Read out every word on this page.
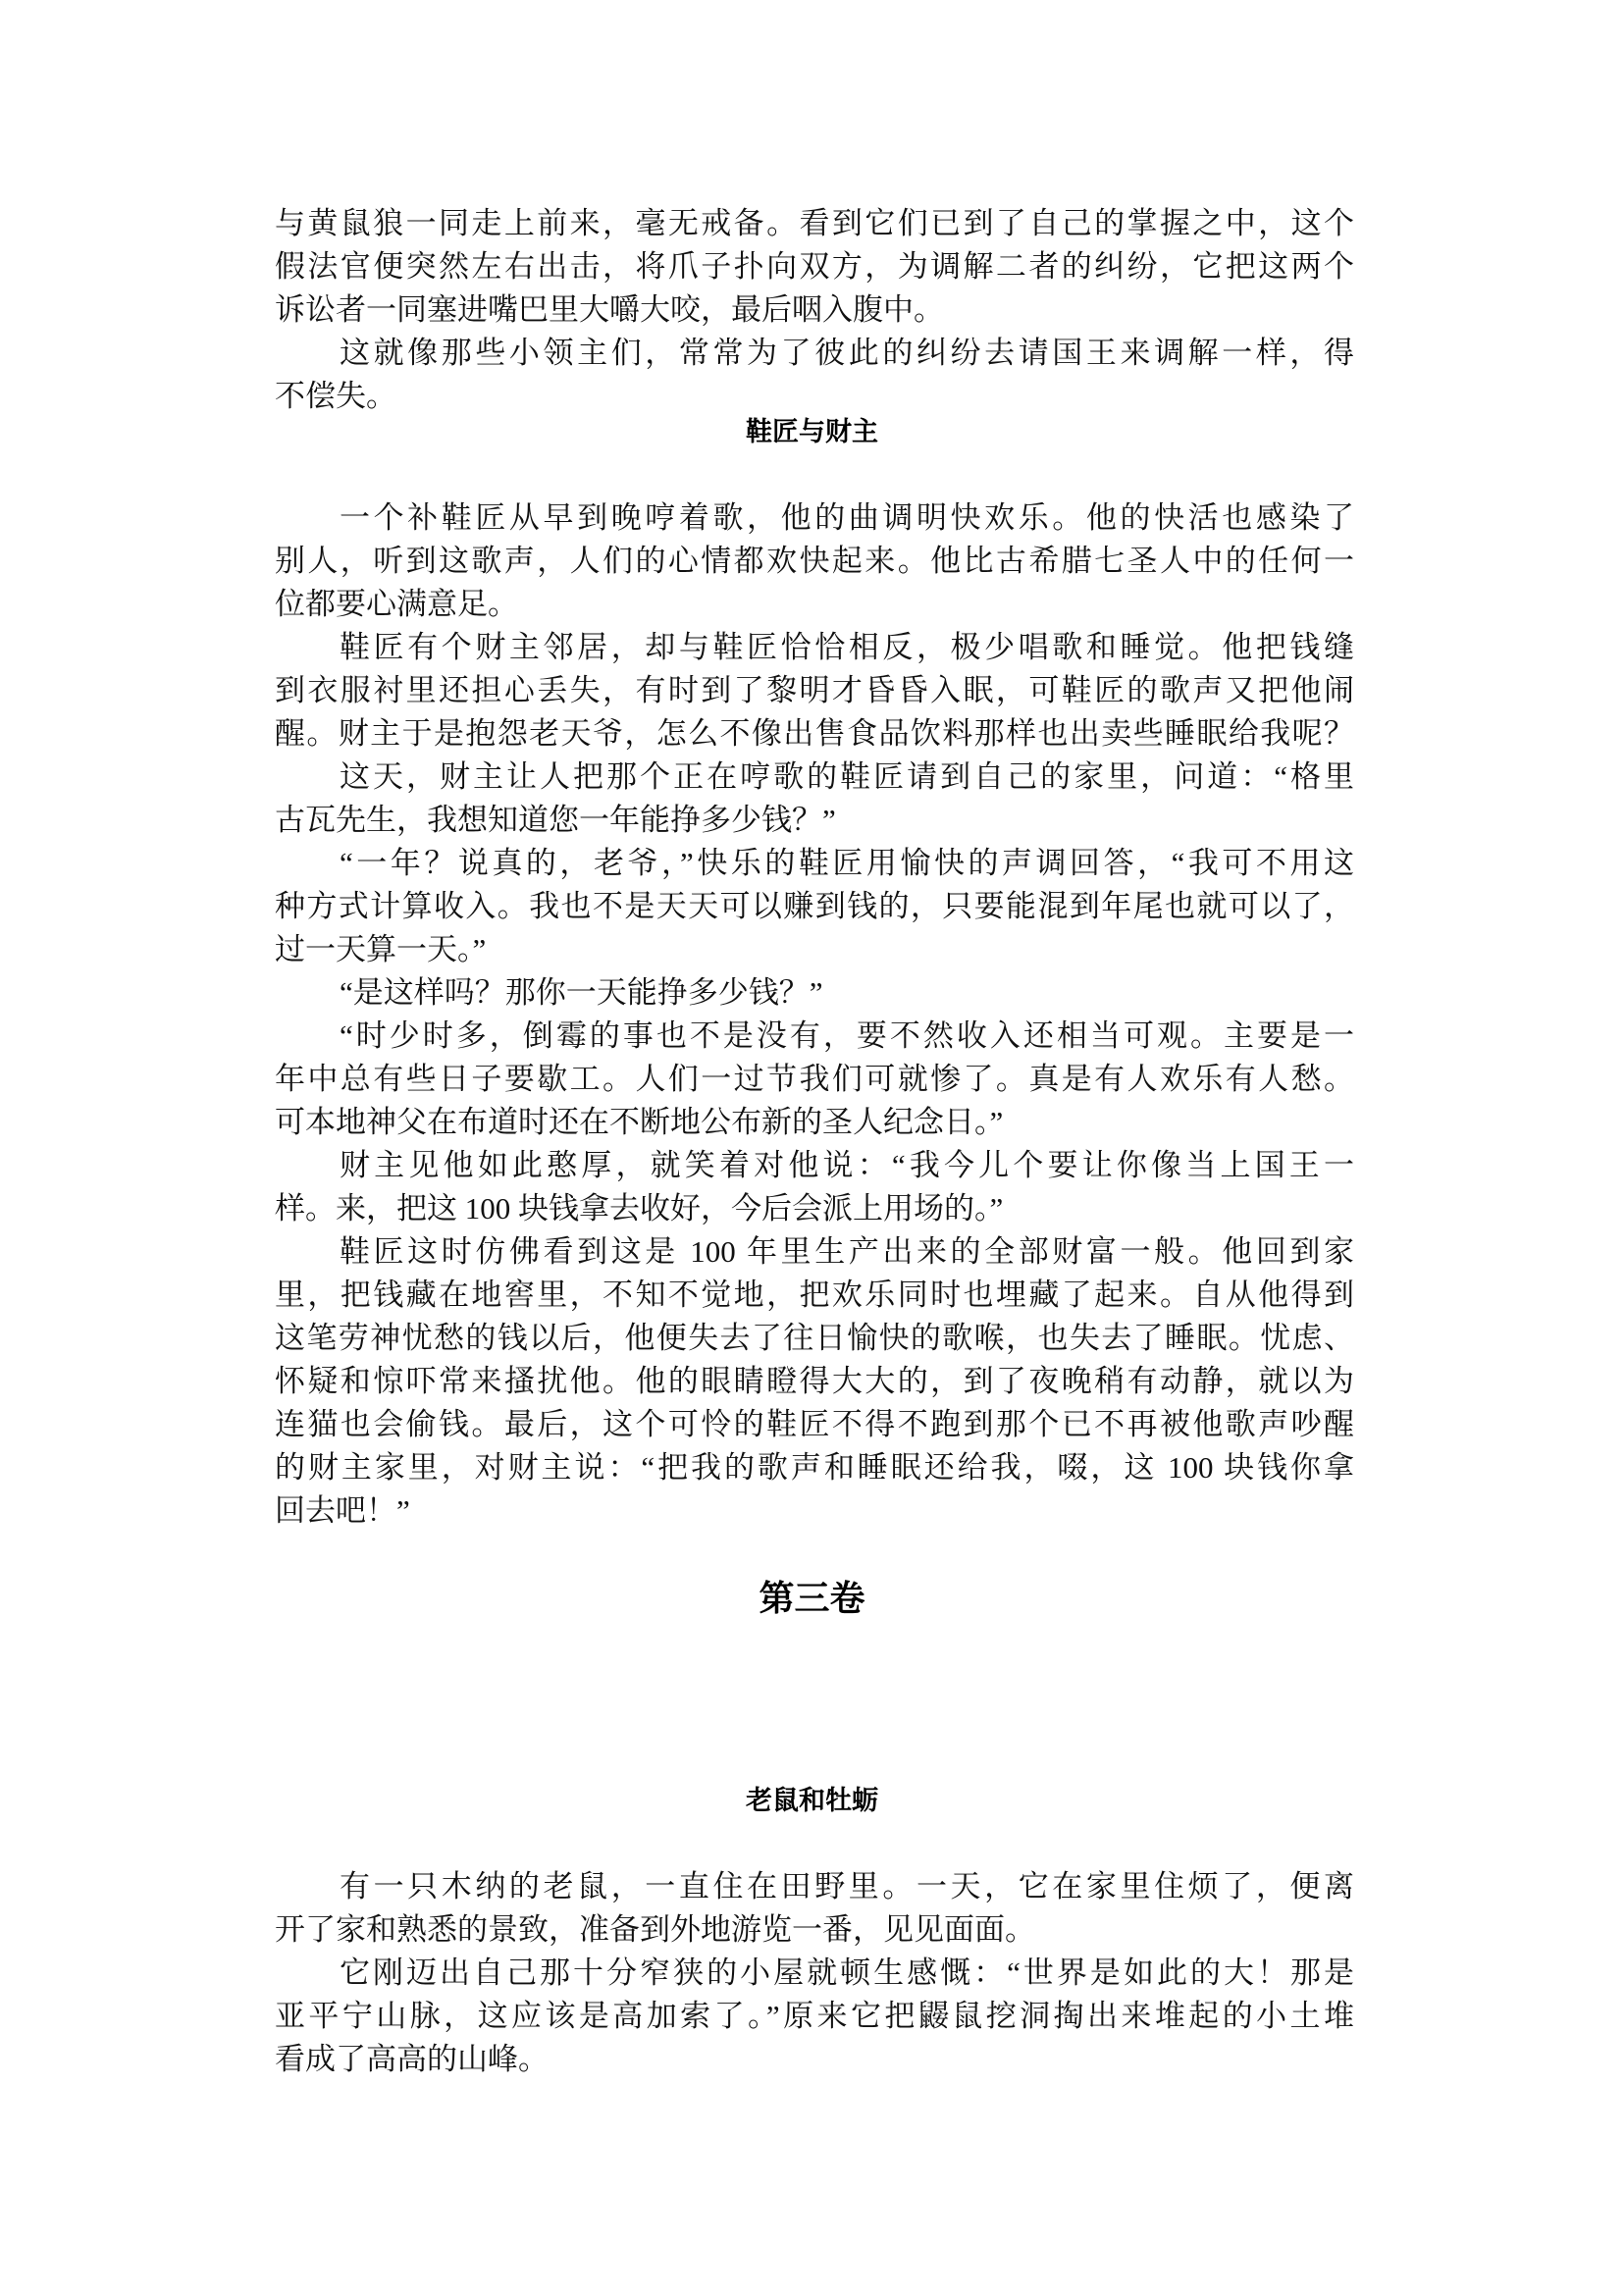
与黄鼠狼一同走上前来，毫无戒备。看到它们已到了自己的掌握之中，这个
假法官便突然左右出击，将爪子扑向双方，为调解二者的纠纷，它把这两个
诉讼者一同塞进嘴巴里大嚼大咬，最后咽入腹中。
这就像那些小领主们，常常为了彼此的纠纷去请国王来调解一样，得
不偿失。
鞋匠与财主
一个补鞋匠从早到晚哼着歌，他的曲调明快欢乐。他的快活也感染了
别人，听到这歌声，人们的心情都欢快起来。他比古希腊七圣人中的任何一
位都要心满意足。
鞋匠有个财主邻居，却与鞋匠恰恰相反，极少唱歌和睡觉。他把钱缝
到衣服衬里还担心丢失，有时到了黎明才昏昏入眠，可鞋匠的歌声又把他闹
醒。财主于是抱怨老天爷，怎么不像出售食品饮料那样也出卖些睡眠给我呢？
这天，财主让人把那个正在哼歌的鞋匠请到自己的家里，问道：“格里
古瓦先生，我想知道您一年能挣多少钱？”
“一年？说真的，老爷，”快乐的鞋匠用愉快的声调回答，“我可不用这
种方式计算收入。我也不是天天可以赚到钱的，只要能混到年尾也就可以了，
过一天算一天。”
“是这样吗？那你一天能挣多少钱？”
“时少时多，倒霉的事也不是没有，要不然收入还相当可观。主要是一
年中总有些日子要歇工。人们一过节我们可就惨了。真是有人欢乐有人愁。
可本地神父在布道时还在不断地公布新的圣人纪念日。”
财主见他如此憨厚，就笑着对他说：“我今儿个要让你像当上国王一
样。来，把这 100 块钱拿去收好，今后会派上用场的。”
鞋匠这时仿佛看到这是 100 年里生产出来的全部财富一般。他回到家
里，把钱藏在地窖里，不知不觉地，把欢乐同时也埋藏了起来。自从他得到
这笔劳神忧愁的钱以后，他便失去了往日愉快的歌喉，也失去了睡眠。忧虑、
怀疑和惊吓常来搔扰他。他的眼睛瞪得大大的，到了夜晚稍有动静，就以为
连猫也会偷钱。最后，这个可怜的鞋匠不得不跑到那个已不再被他歌声吵醒
的财主家里，对财主说：“把我的歌声和睡眠还给我，啜，这 100 块钱你拿
回去吧！”
第三卷
老鼠和牡蛎
有一只木纳的老鼠，一直住在田野里。一天，它在家里住烦了，便离
开了家和熟悉的景致，准备到外地游览一番，见见面面。
它刚迈出自己那十分窄狭的小屋就顿生感慨：“世界是如此的大！那是
亚平宁山脉，这应该是高加索了。”原来它把鼹鼠挖洞掏出来堆起的小土堆
看成了高高的山峰。
